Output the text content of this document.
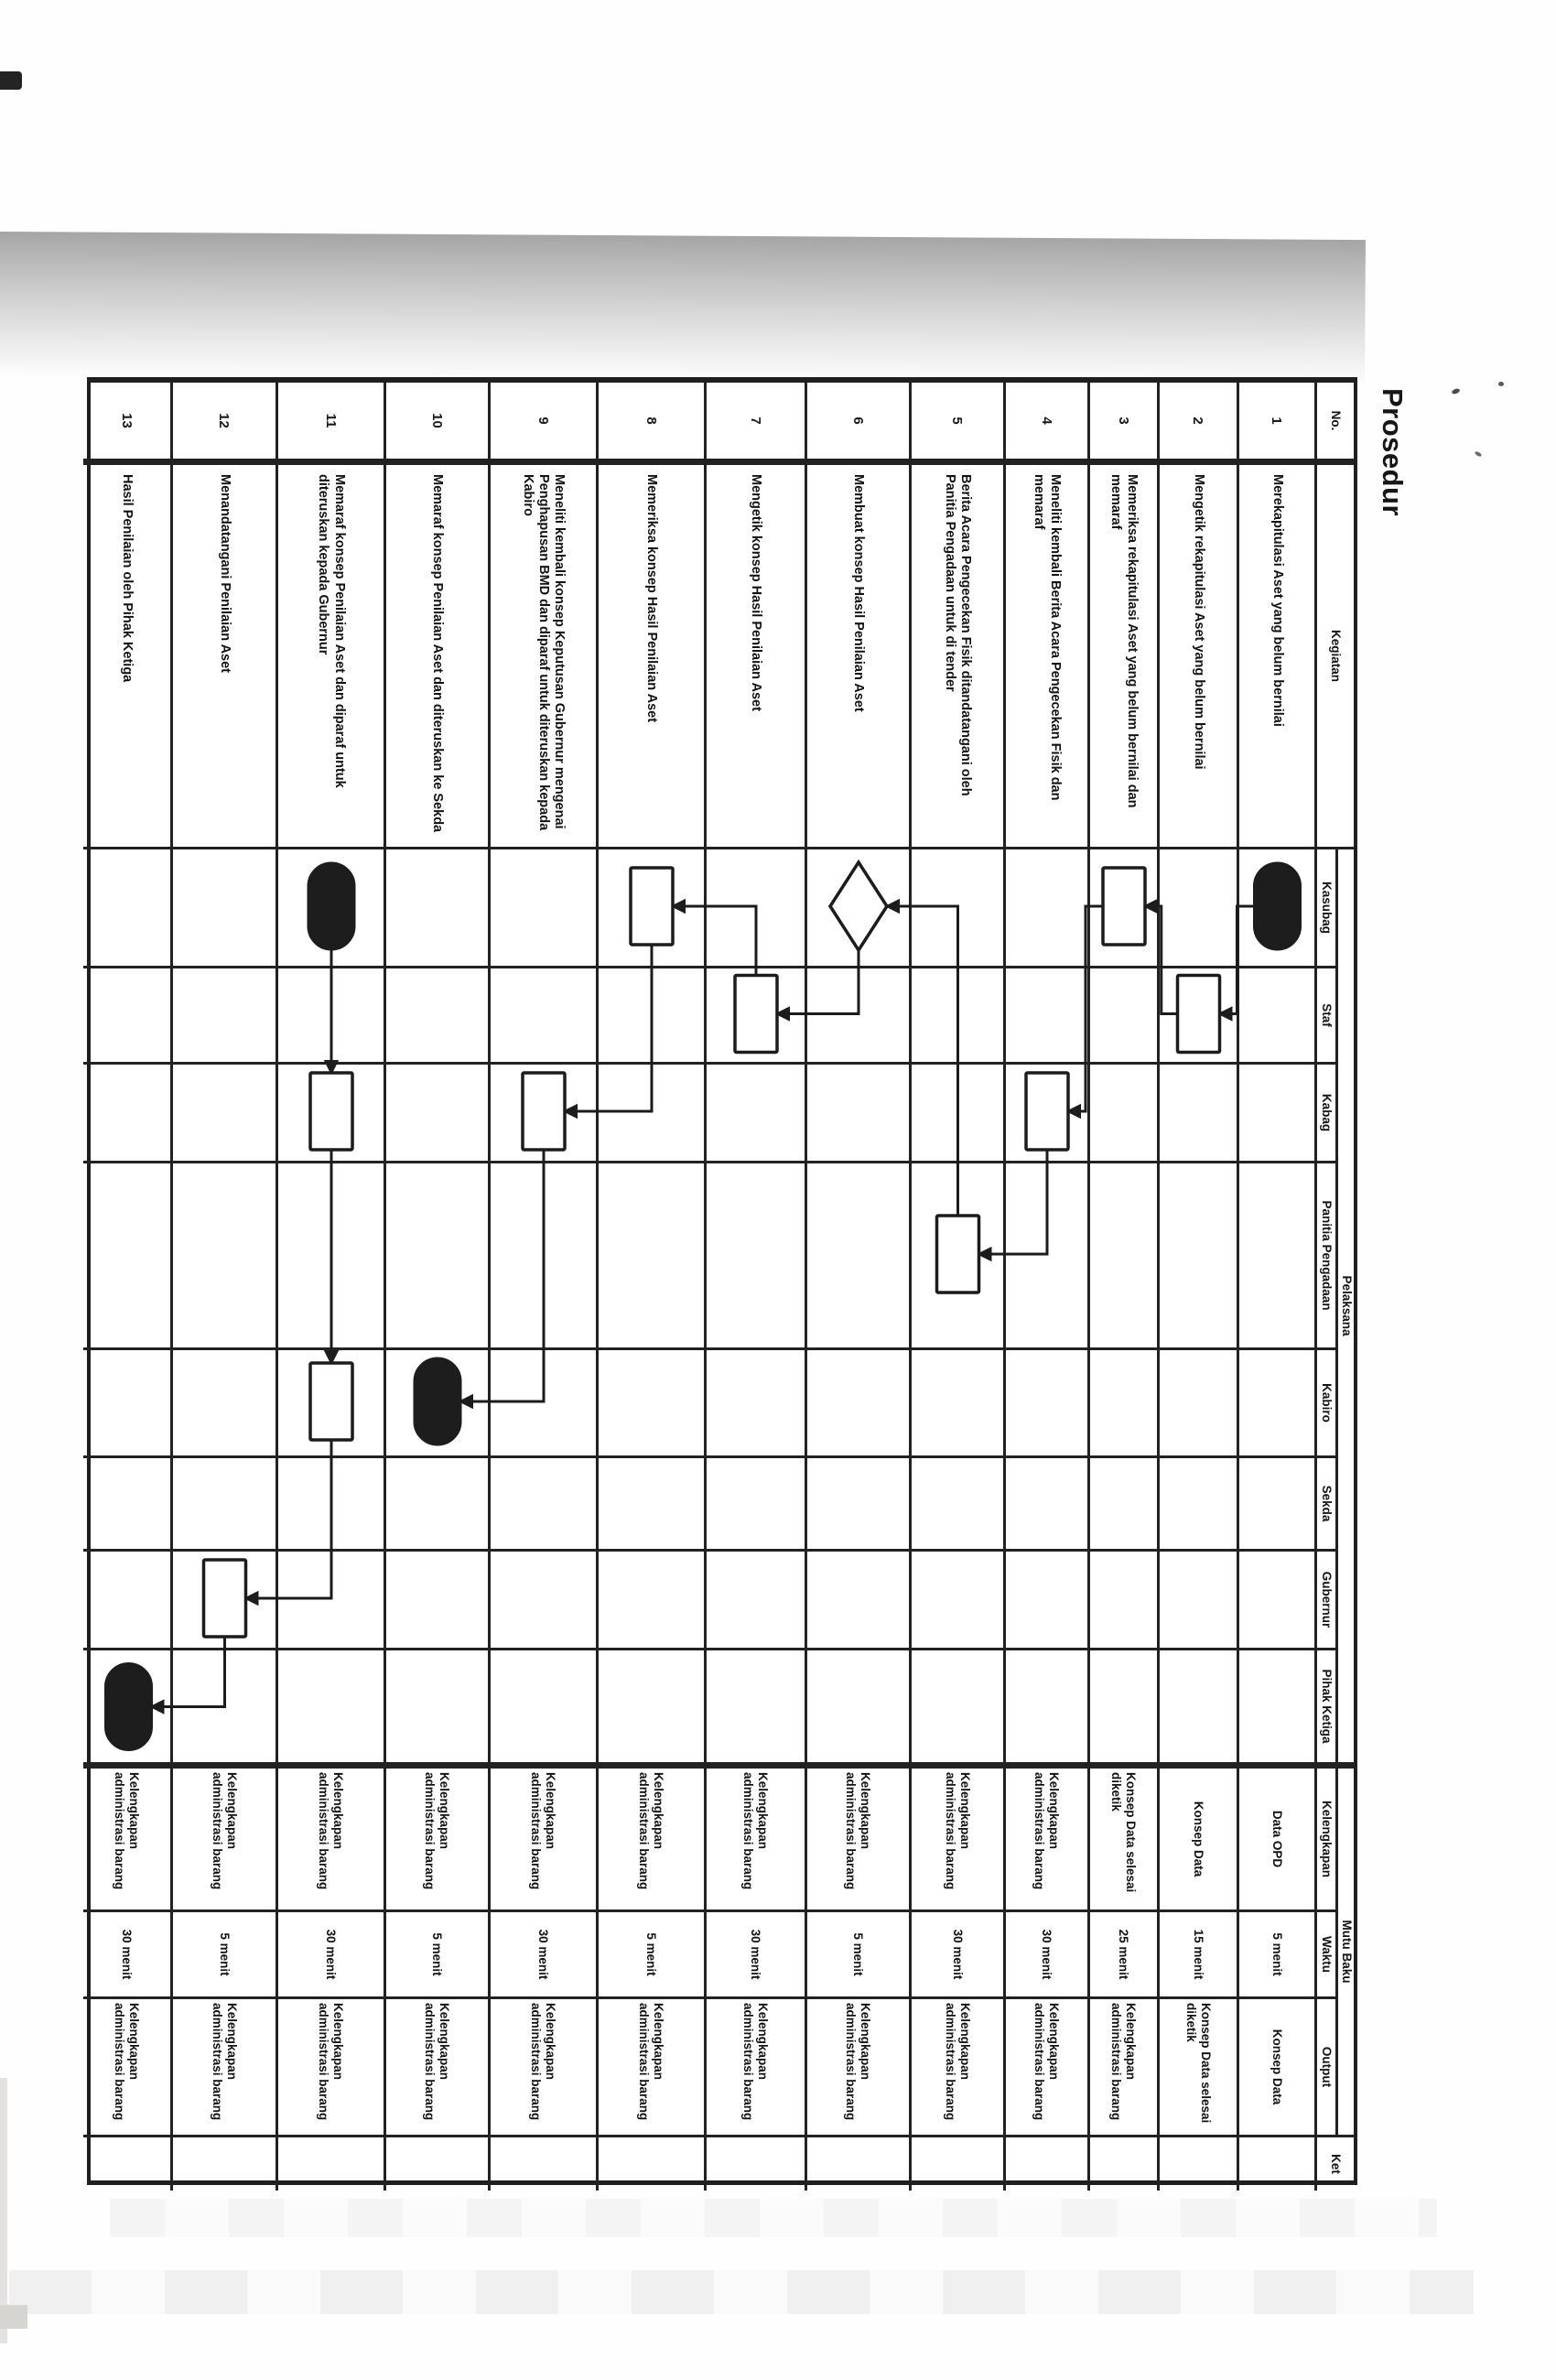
Prosedur
No.
Kegiatan
Pelaksana
Mutu Baku
Ket
Kasubag
Staf
Kabag
Panitia Pengadaan
Kabiro
Sekda
Gubernur
Pihak Ketiga
Kelengkapan
Waktu
Output
1
Merekapitulasi Aset yang belum bernilai
Data OPD
5 menit
Konsep Data
2
Mengetik rekapitulasi Aset yang belum bernilai
Konsep Data
15 menit
Konsep Data selesai diketik
3
Memeriksa rekapitulasi Aset yang belum bernilai dan memaraf
Konsep Data selesai diketik
25 menit
Kelengkapan administrasi barang
4
Meneliti kembali Berita Acara Pengecekan Fisik dan memaraf
Kelengkapan administrasi barang
30 menit
Kelengkapan administrasi barang
5
Berita Acara Pengecekan Fisik ditandatangani oleh Panitia Pengadaan untuk di tender
Kelengkapan administrasi barang
30 menit
Kelengkapan administrasi barang
6
Membuat konsep Hasil Penilaian Aset
Kelengkapan administrasi barang
5 menit
Kelengkapan administrasi barang
7
Mengetik konsep Hasil Penilaian Aset
Kelengkapan administrasi barang
30 menit
Kelengkapan administrasi barang
8
Memeriksa konsep Hasil Penilaian Aset
Kelengkapan administrasi barang
5 menit
Kelengkapan administrasi barang
9
Meneliti kembali konsep Keputusan Gubernur mengenai Penghapusan BMD dan diparaf untuk diteruskan kepada Kabiro
Kelengkapan administrasi barang
30 menit
Kelengkapan administrasi barang
10
Memaraf konsep Penilaian Aset dan diteruskan ke Sekda
Kelengkapan administrasi barang
5 menit
Kelengkapan administrasi barang
11
Memaraf konsep Penilaian Aset dan diparaf untuk diteruskan kepada Gubernur
Kelengkapan administrasi barang
30 menit
Kelengkapan administrasi barang
12
Menandatangani Penilaian Aset
Kelengkapan administrasi barang
5 menit
Kelengkapan administrasi barang
13
Hasil Penilaian oleh Pihak Ketiga
Kelengkapan administrasi barang
30 menit
Kelengkapan administrasi barang
